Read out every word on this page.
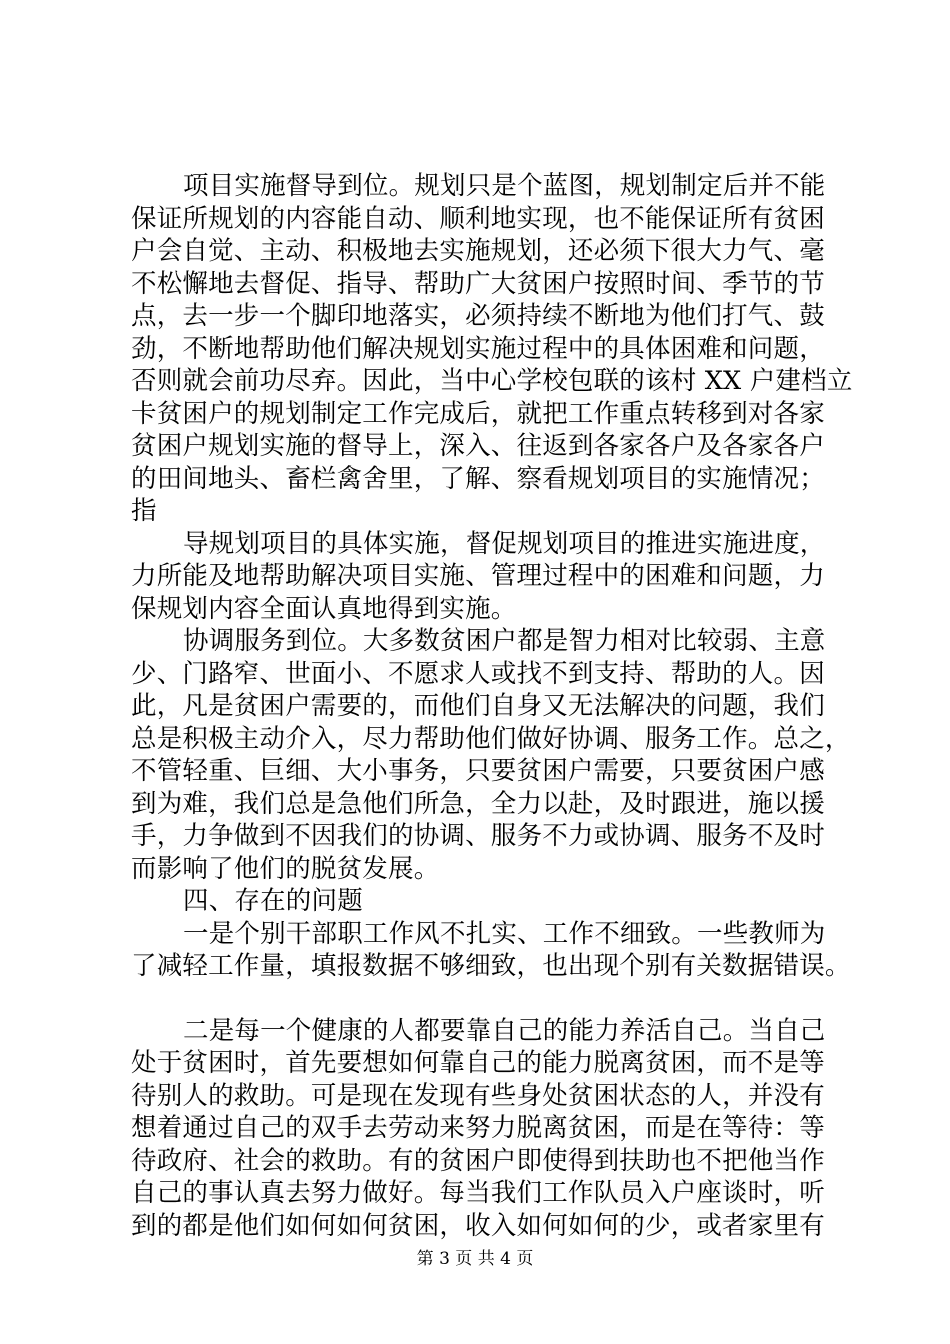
项目实施督导到位。规划只是个蓝图，规划制定后并不能
保证所规划的内容能自动、顺利地实现，也不能保证所有贫困
户会自觉、主动、积极地去实施规划，还必须下很大力气、毫
不松懈地去督促、指导、帮助广大贫困户按照时间、季节的节
点，去一步一个脚印地落实，必须持续不断地为他们打气、鼓
劲，不断地帮助他们解决规划实施过程中的具体困难和问题，
否则就会前功尽弃。因此，当中心学校包联的该村 XX 户建档立
卡贫困户的规划制定工作完成后，就把工作重点转移到对各家
贫困户规划实施的督导上，深入、往返到各家各户及各家各户
的田间地头、畜栏禽舍里，了解、察看规划项目的实施情况；
指
导规划项目的具体实施，督促规划项目的推进实施进度，
力所能及地帮助解决项目实施、管理过程中的困难和问题，力
保规划内容全面认真地得到实施。
协调服务到位。大多数贫困户都是智力相对比较弱、主意
少、门路窄、世面小、不愿求人或找不到支持、帮助的人。因
此，凡是贫困户需要的，而他们自身又无法解决的问题，我们
总是积极主动介入，尽力帮助他们做好协调、服务工作。总之，
不管轻重、巨细、大小事务，只要贫困户需要，只要贫困户感
到为难，我们总是急他们所急，全力以赴，及时跟进，施以援
手，力争做到不因我们的协调、服务不力或协调、服务不及时
而影响了他们的脱贫发展。
四、存在的问题
一是个别干部职工作风不扎实、工作不细致。一些教师为
了减轻工作量，填报数据不够细致，也出现个别有关数据错误。
二是每一个健康的人都要靠自己的能力养活自己。当自己
处于贫困时，首先要想如何靠自己的能力脱离贫困，而不是等
待别人的救助。可是现在发现有些身处贫困状态的人，并没有
想着通过自己的双手去劳动来努力脱离贫困，而是在等待：等
待政府、社会的救助。有的贫困户即使得到扶助也不把他当作
自己的事认真去努力做好。每当我们工作队员入户座谈时，听
到的都是他们如何如何贫困，收入如何如何的少，或者家里有
第 3 页 共 4 页
